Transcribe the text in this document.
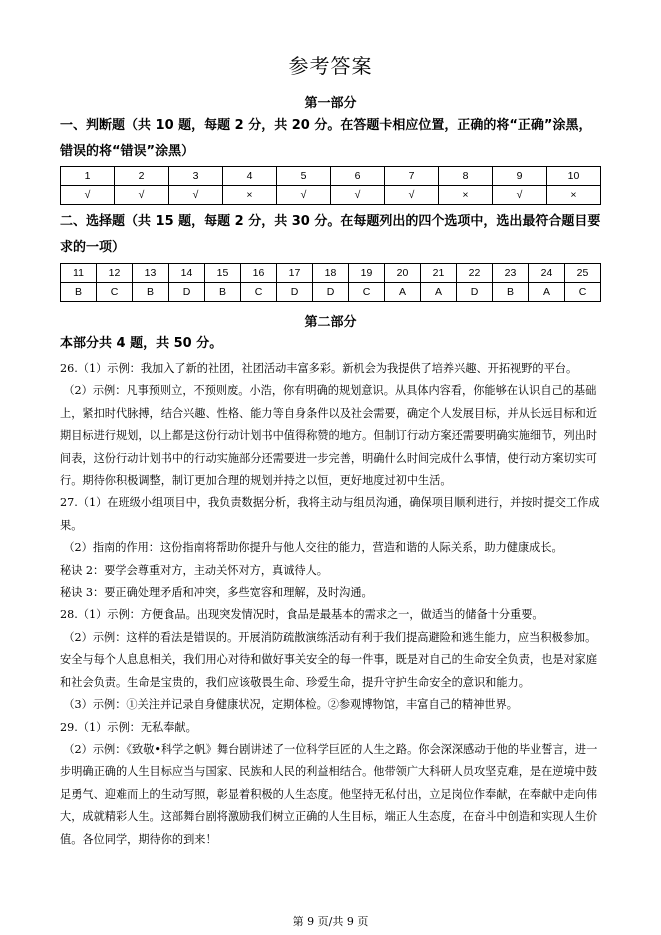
参考答案
第一部分
一、判断题（共 10 题，每题 2 分，共 20 分。在答题卡相应位置，正确的将“正确”涂黑，
错误的将“错误”涂黑）
1	2	3	4	5	6	7	8	9	10
√	√	√	×	√	√	√	×	√	×
二、选择题（共 15 题，每题 2 分，共 30 分。在每题列出的四个选项中，选出最符合题目要
求的一项）
11	12	13	14	15	16	17	18	19	20	21	22	23	24	25
B	C	B	D	B	C	D	D	C	A	A	D	B	A	C
第二部分
本部分共 4 题，共 50 分。

26.（1）示例：我加入了新的社团，社团活动丰富多彩。新机会为我提供了培养兴趣、开拓视野的平台。

（2）示例：凡事预则立，不预则废。小浩，你有明确的规划意识。从具体内容看，你能够在认识自己的基础上，紧扣时代脉搏，结合兴趣、性格、能力等自身条件以及社会需要，确定个人发展目标，并从长远目标和近期目标进行规划，以上都是这份行动计划书中值得称赞的地方。但制订行动方案还需要明确实施细节，列出时间表，这份行动计划书中的行动实施部分还需要进一步完善，明确什么时间完成什么事情，使行动方案切实可行。期待你积极调整，制订更加合理的规划并持之以恒，更好地度过初中生活。

27.（1）在班级小组项目中，我负责数据分析，我将主动与组员沟通，确保项目顺利进行，并按时提交工作成果。

（2）指南的作用：这份指南将帮助你提升与他人交往的能力，营造和谐的人际关系，助力健康成长。

秘诀 2：要学会尊重对方，主动关怀对方，真诚待人。

秘诀 3：要正确处理矛盾和冲突，多些宽容和理解，及时沟通。

28.（1）示例：方便食品。出现突发情况时，食品是最基本的需求之一，做适当的储备十分重要。

（2）示例：这样的看法是错误的。开展消防疏散演练活动有利于我们提高避险和逃生能力，应当积极参加。安全与每个人息息相关，我们用心对待和做好事关安全的每一件事，既是对自己的生命安全负责，也是对家庭和社会负责。生命是宝贵的，我们应该敬畏生命、珍爱生命，提升守护生命安全的意识和能力。

（3）示例：①关注并记录自身健康状况，定期体检。②参观博物馆，丰富自己的精神世界。

29.（1）示例：无私奉献。

（2）示例：《致敬•科学之帆》舞台剧讲述了一位科学巨匠的人生之路。你会深深感动于他的毕业誓言，进一步明确正确的人生目标应当与国家、民族和人民的利益相结合。他带领广大科研人员攻坚克难，是在逆境中鼓足勇气、迎难而上的生动写照，彰显着积极的人生态度。他坚持无私付出，立足岗位作奉献，在奉献中走向伟大，成就精彩人生。这部舞台剧将激励我们树立正确的人生目标，端正人生态度，在奋斗中创造和实现人生价值。各位同学，期待你的到来！

第 9 页/共 9 页
